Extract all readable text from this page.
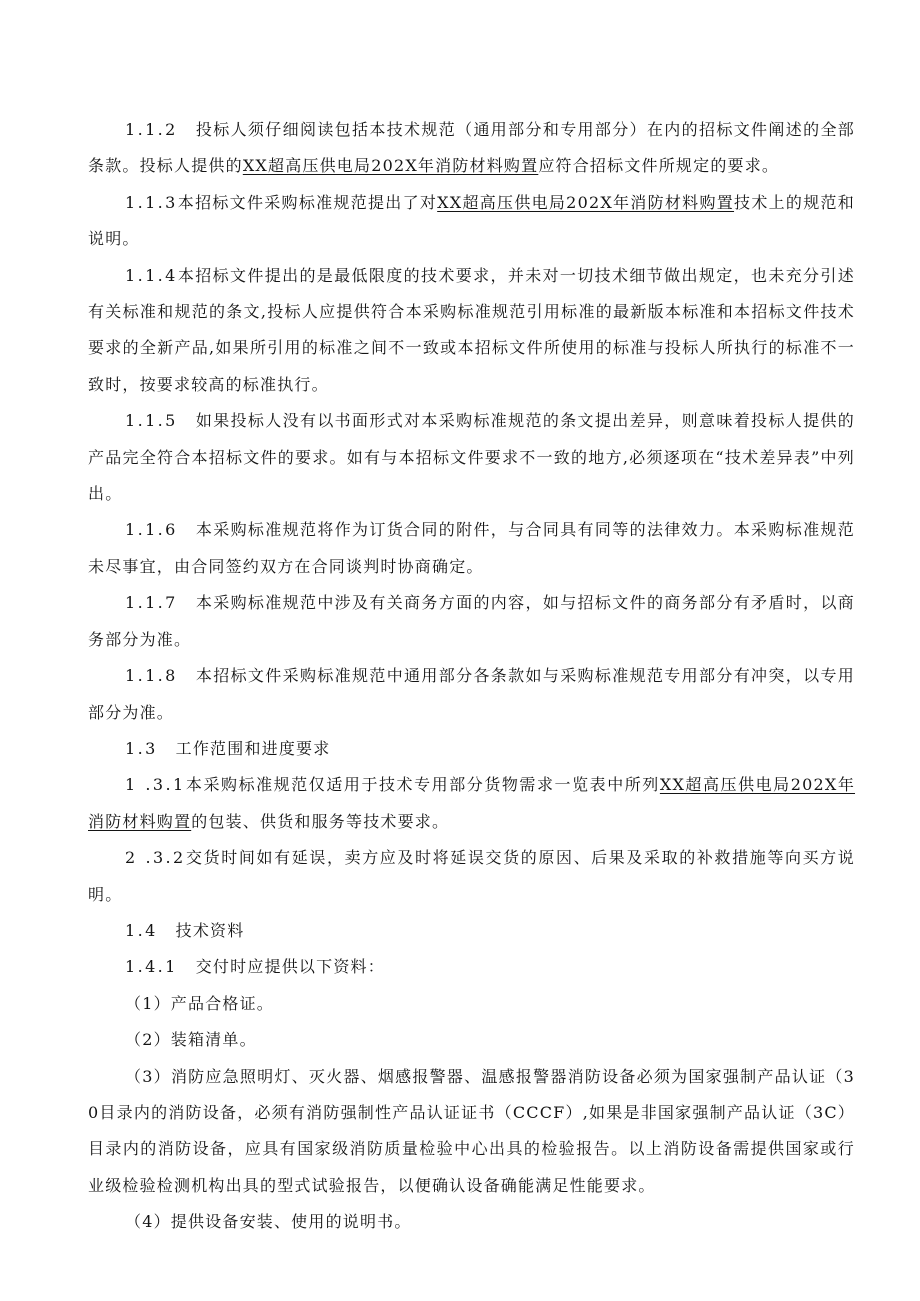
1.1.2 投标人须仔细阅读包括本技术规范（通用部分和专用部分）在内的招标文件阐述的全部条款。投标人提供的XX超高压供电局202X年消防材料购置应符合招标文件所规定的要求。

1.1.3本招标文件采购标准规范提出了对XX超高压供电局202X年消防材料购置技术上的规范和说明。

1.1.4本招标文件提出的是最低限度的技术要求，并未对一切技术细节做出规定，也未充分引述有关标准和规范的条文,投标人应提供符合本采购标准规范引用标准的最新版本标准和本招标文件技术要求的全新产品,如果所引用的标准之间不一致或本招标文件所使用的标准与投标人所执行的标准不一致时，按要求较高的标准执行。

1.1.5 如果投标人没有以书面形式对本采购标准规范的条文提出差异，则意味着投标人提供的产品完全符合本招标文件的要求。如有与本招标文件要求不一致的地方,必须逐项在“技术差异表”中列出。

1.1.6 本采购标准规范将作为订货合同的附件，与合同具有同等的法律效力。本采购标准规范未尽事宜，由合同签约双方在合同谈判时协商确定。

1.1.7 本采购标准规范中涉及有关商务方面的内容，如与招标文件的商务部分有矛盾时，以商务部分为准。

1.1.8 本招标文件采购标准规范中通用部分各条款如与采购标准规范专用部分有冲突，以专用部分为准。

1.3 工作范围和进度要求

1 .3.1本采购标准规范仅适用于技术专用部分货物需求一览表中所列XX超高压供电局202X年消防材料购置的包装、供货和服务等技术要求。

2 .3.2交货时间如有延误，卖方应及时将延误交货的原因、后果及采取的补救措施等向买方说明。

1.4 技术资料

1.4.1 交付时应提供以下资料：

（1）产品合格证。

（2）装箱清单。

（3）消防应急照明灯、灭火器、烟感报警器、温感报警器消防设备必须为国家强制产品认证（30目录内的消防设备，必须有消防强制性产品认证证书（CCCF）,如果是非国家强制产品认证（3C）目录内的消防设备，应具有国家级消防质量检验中心出具的检验报告。以上消防设备需提供国家或行业级检验检测机构出具的型式试验报告，以便确认设备确能满足性能要求。

（4）提供设备安装、使用的说明书。
